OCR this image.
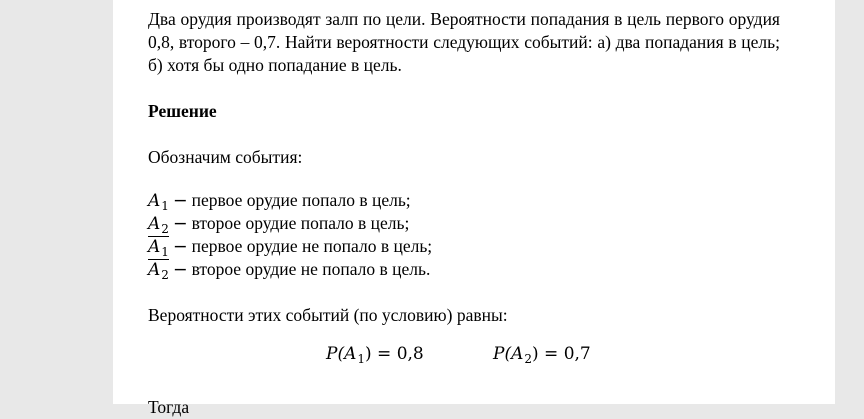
Два орудия производят залп по цели. Вероятности попадания в цель первого орудия 0,8, второго – 0,7. Найти вероятности следующих событий: а) два попадания в цель; б) хотя бы одно попадание в цель.

Решение

Обозначим события:

$A_1$ − первое орудие попало в цель;
$A_2$ − второе орудие попало в цель;
$A_1$ − первое орудие не попало в цель;
$A_2$ − второе орудие не попало в цель.

Вероятности этих событий (по условию) равны:

$P(A_1) = 0,8$	$P(A_2) = 0,7$

Тогда
